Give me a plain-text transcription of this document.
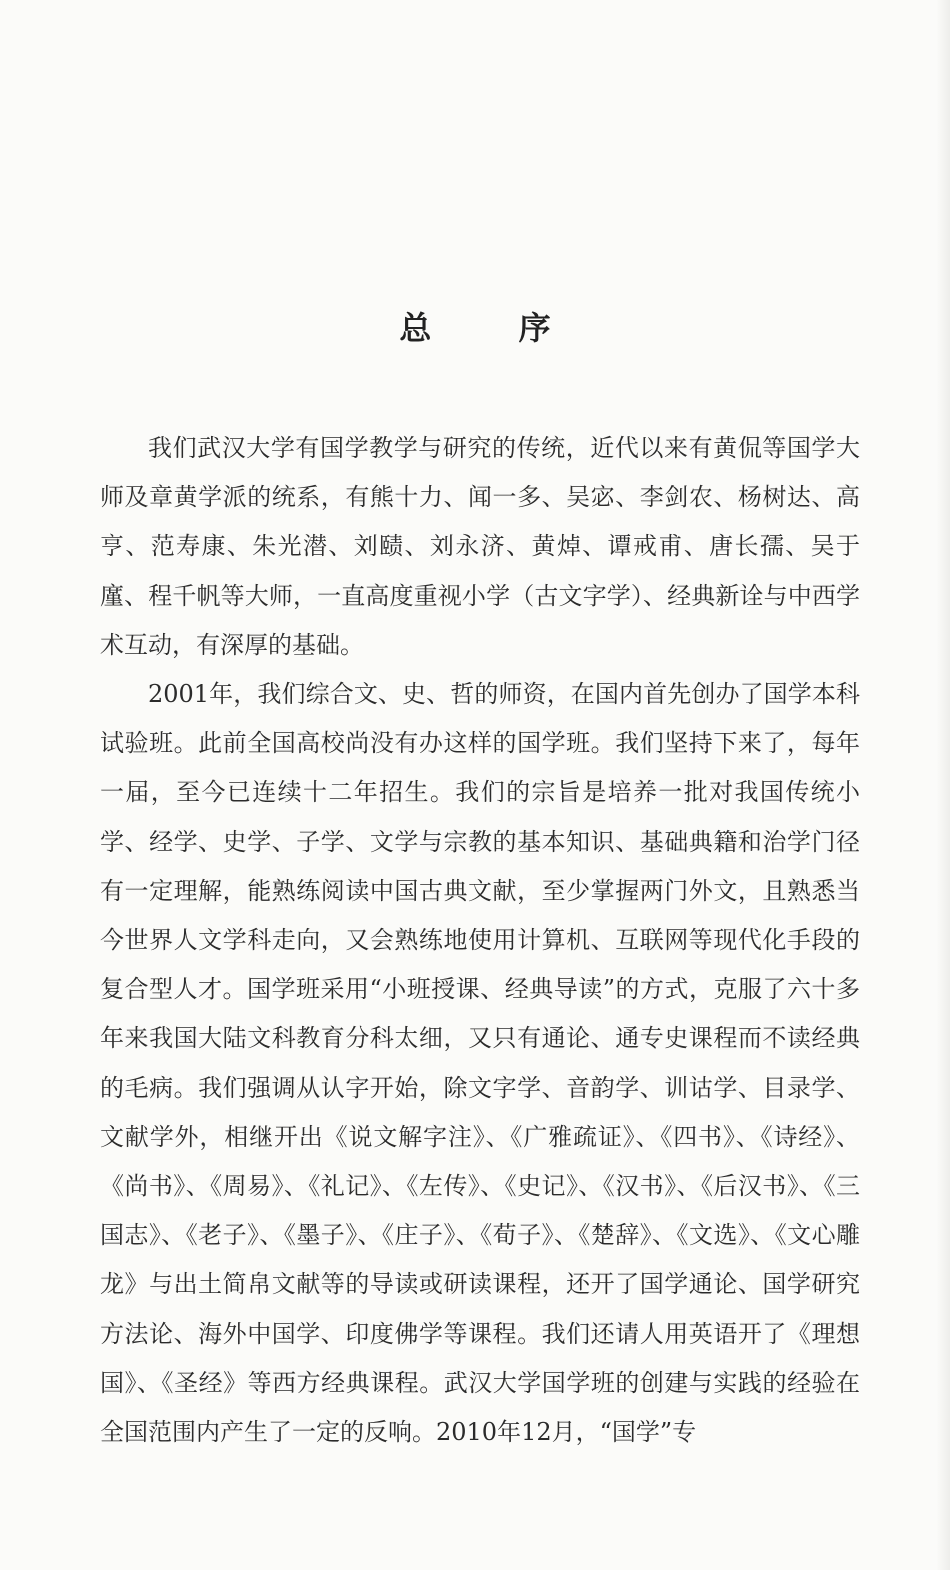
总 序

我们武汉大学有国学教学与研究的传统，近代以来有黄侃等国学大师及章黄学派的统系，有熊十力、闻一多、吴宓、李剑农、杨树达、高亨、范寿康、朱光潜、刘赜、刘永济、黄焯、谭戒甫、唐长孺、吴于廑、程千帆等大师，一直高度重视小学（古文字学）、经典新诠与中西学术互动，有深厚的基础。

2001年，我们综合文、史、哲的师资，在国内首先创办了国学本科试验班。此前全国高校尚没有办这样的国学班。我们坚持下来了，每年一届，至今已连续十二年招生。我们的宗旨是培养一批对我国传统小学、经学、史学、子学、文学与宗教的基本知识、基础典籍和治学门径有一定理解，能熟练阅读中国古典文献，至少掌握两门外文，且熟悉当今世界人文学科走向，又会熟练地使用计算机、互联网等现代化手段的复合型人才。国学班采用“小班授课、经典导读”的方式，克服了六十多年来我国大陆文科教育分科太细，又只有通论、通专史课程而不读经典的毛病。我们强调从认字开始，除文字学、音韵学、训诂学、目录学、文献学外，相继开出《说文解字注》、《广雅疏证》、《四书》、《诗经》、《尚书》、《周易》、《礼记》、《左传》、《史记》、《汉书》、《后汉书》、《三国志》、《老子》、《墨子》、《庄子》、《荀子》、《楚辞》、《文选》、《文心雕龙》与出土简帛文献等的导读或研读课程，还开了国学通论、国学研究方法论、海外中国学、印度佛学等课程。我们还请人用英语开了《理想国》、《圣经》等西方经典课程。武汉大学国学班的创建与实践的经验在全国范围内产生了一定的反响。2010年12月，“国学”专
